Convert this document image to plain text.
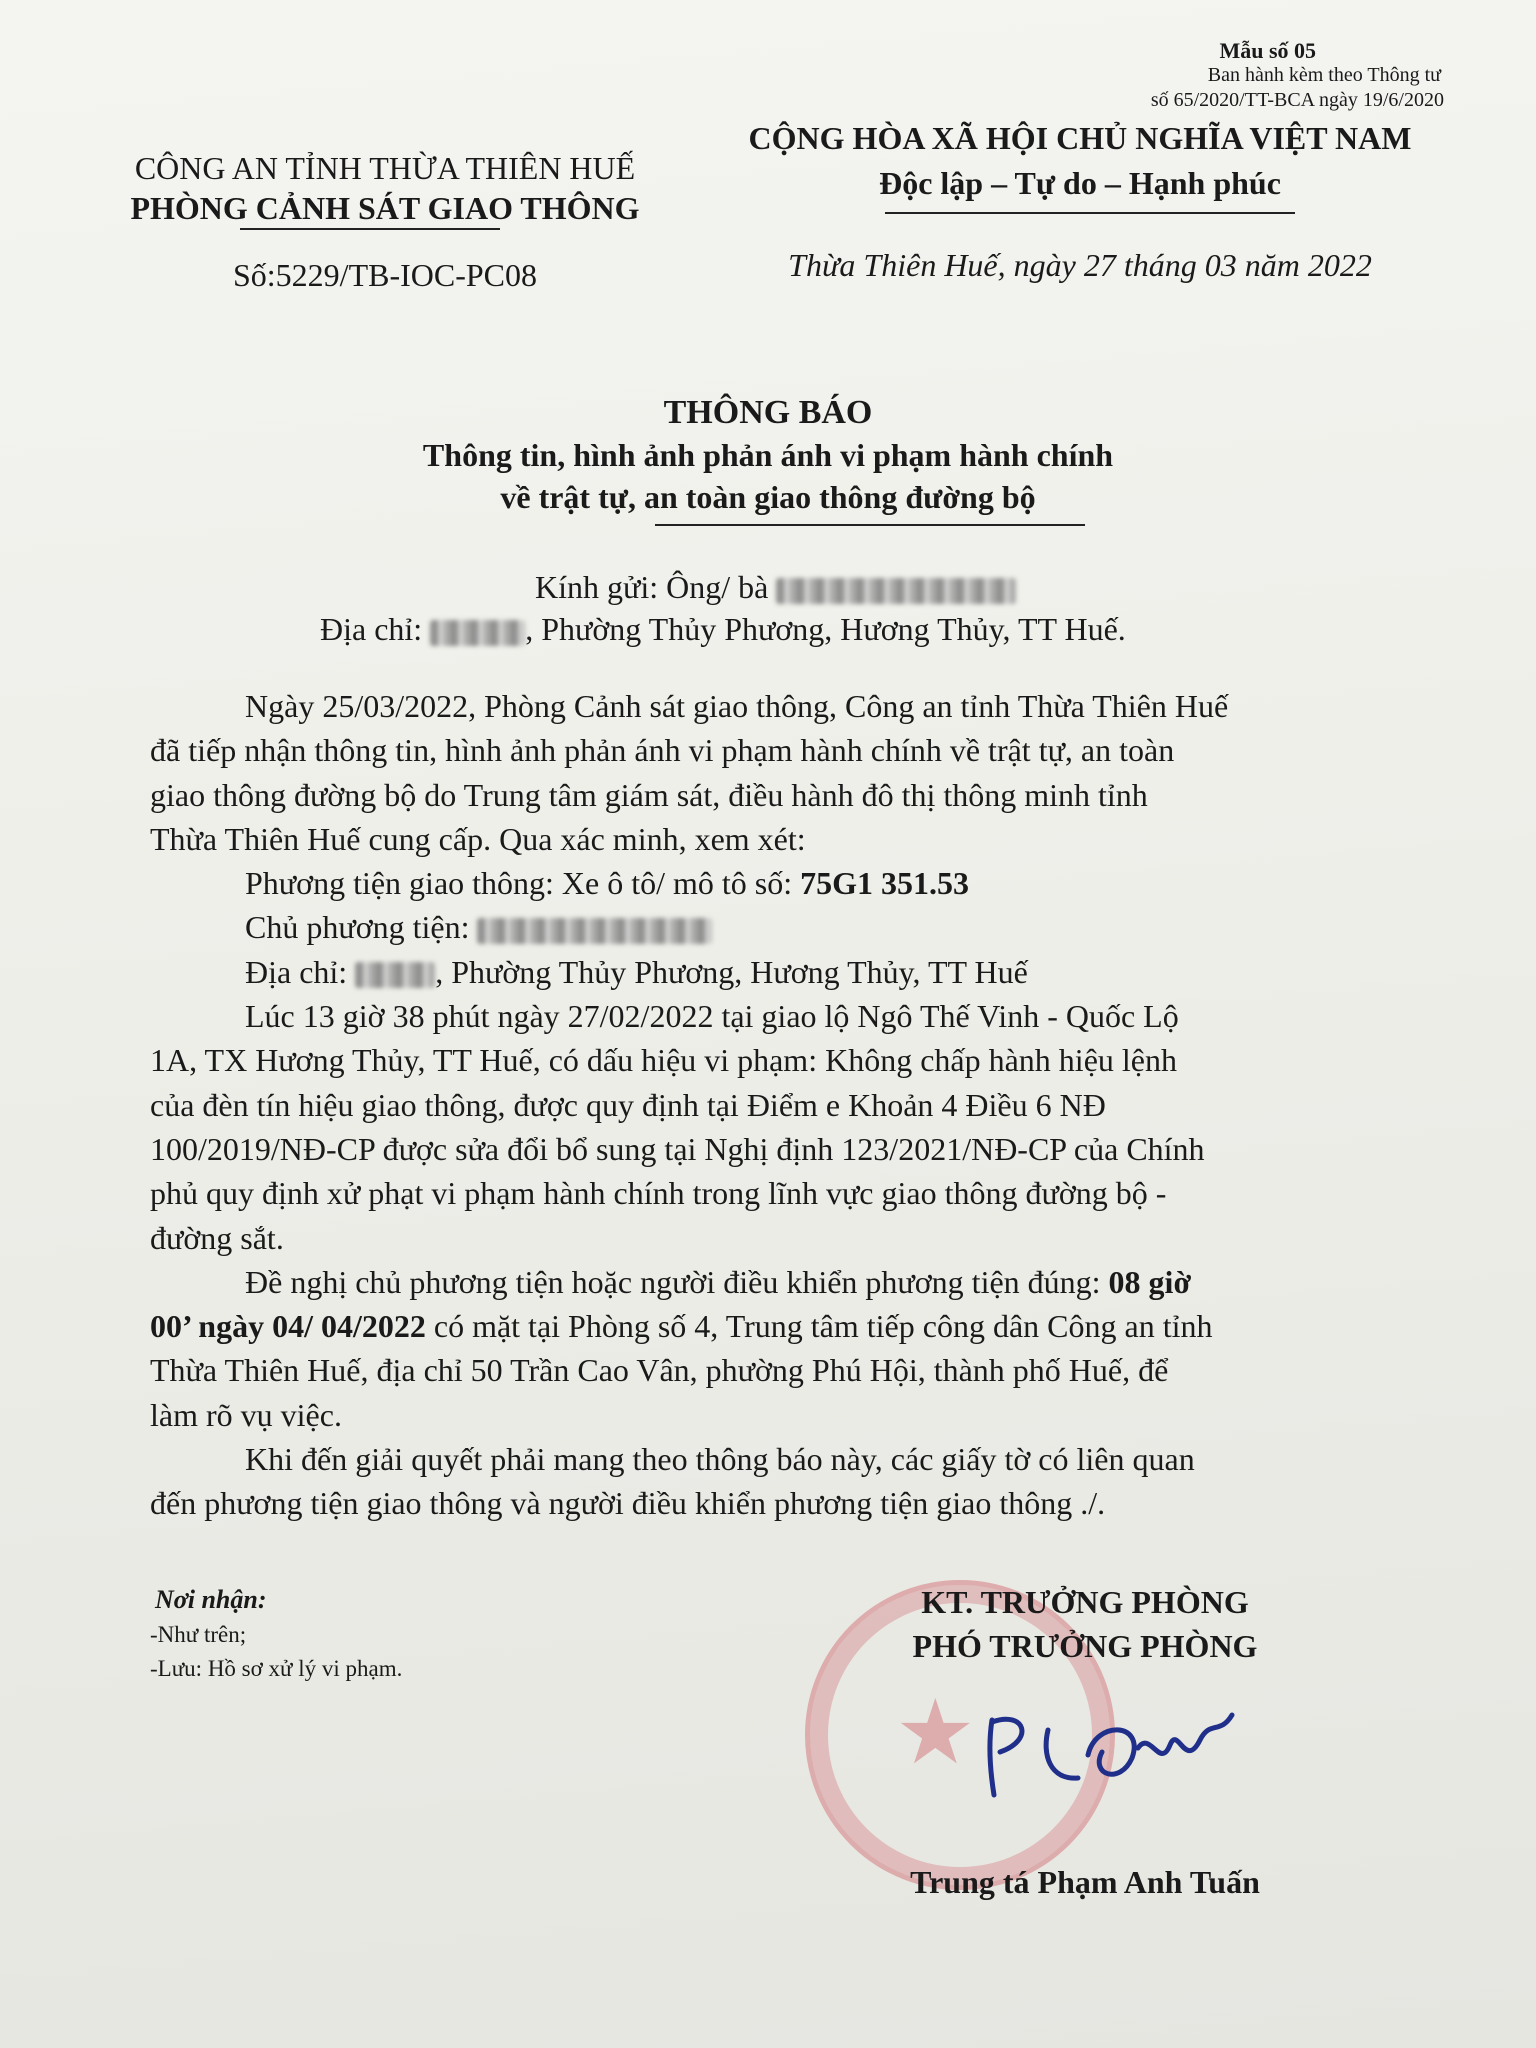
Mẫu số 05
Ban hành kèm theo Thông tư
số 65/2020/TT-BCA ngày 19/6/2020
CÔNG AN TỈNH THỪA THIÊN HUẾ
PHÒNG CẢNH SÁT GIAO THÔNG
Số:5229/TB-IOC-PC08
CỘNG HÒA XÃ HỘI CHỦ NGHĨA VIỆT NAM
Độc lập – Tự do – Hạnh phúc
Thừa Thiên Huế, ngày 27 tháng 03 năm 2022
THÔNG BÁO
Thông tin, hình ảnh phản ánh vi phạm hành chính
về trật tự, an toàn giao thông đường bộ
Kính gửi: Ông/ bà
Địa chỉ:	, Phường Thủy Phương, Hương Thủy, TT Huế.
Ngày 25/03/2022, Phòng Cảnh sát giao thông, Công an tỉnh Thừa Thiên Huế
đã tiếp nhận thông tin, hình ảnh phản ánh vi phạm hành chính về trật tự, an toàn
giao thông đường bộ do Trung tâm giám sát, điều hành đô thị thông minh tỉnh
Thừa Thiên Huế cung cấp. Qua xác minh, xem xét:
Phương tiện giao thông: Xe ô tô/ mô tô số: 75G1 351.53
Chủ phương tiện:
Địa chỉ:	, Phường Thủy Phương, Hương Thủy, TT Huế
Lúc 13 giờ 38 phút ngày 27/02/2022 tại giao lộ Ngô Thế Vinh - Quốc Lộ
1A, TX Hương Thủy, TT Huế, có dấu hiệu vi phạm: Không chấp hành hiệu lệnh
của đèn tín hiệu giao thông, được quy định tại Điểm e Khoản 4 Điều 6 NĐ
100/2019/NĐ-CP được sửa đổi bổ sung tại Nghị định 123/2021/NĐ-CP của Chính
phủ quy định xử phạt vi phạm hành chính trong lĩnh vực giao thông đường bộ -
đường sắt.
Đề nghị chủ phương tiện hoặc người điều khiển phương tiện đúng: 08 giờ
00’ ngày 04/ 04/2022 có mặt tại Phòng số 4, Trung tâm tiếp công dân Công an tỉnh
Thừa Thiên Huế, địa chỉ 50 Trần Cao Vân, phường Phú Hội, thành phố Huế, để
làm rõ vụ việc.
Khi đến giải quyết phải mang theo thông báo này, các giấy tờ có liên quan
đến phương tiện giao thông và người điều khiển phương tiện giao thông ./.
Nơi nhận:
-Như trên;
-Lưu: Hồ sơ xử lý vi phạm.
★
KT. TRƯỞNG PHÒNG
PHÓ TRƯỞNG PHÒNG
Trung tá Phạm Anh Tuấn
